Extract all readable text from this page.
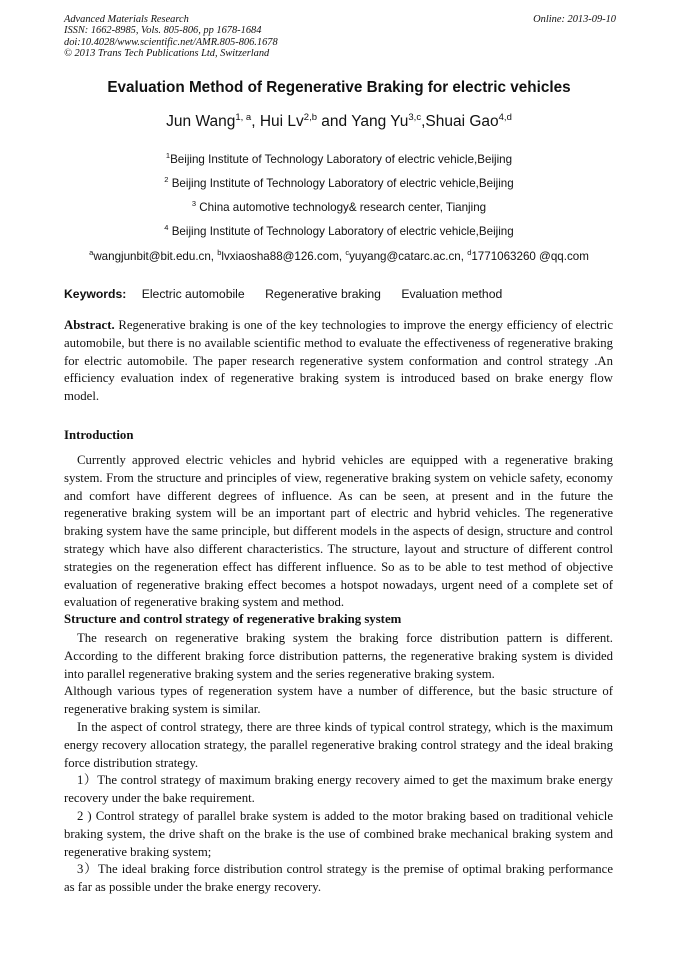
Advanced Materials Research
ISSN: 1662-8985, Vols. 805-806, pp 1678-1684
doi:10.4028/www.scientific.net/AMR.805-806.1678
© 2013 Trans Tech Publications Ltd, Switzerland
Online: 2013-09-10
Evaluation Method of Regenerative Braking for electric vehicles
Jun Wang$^{1, a}$, Hui Lv$^{2,b}$ and Yang Yu$^{3,c}$,Shuai Gao$^{4,d}$
$^1$Beijing Institute of Technology Laboratory of electric vehicle,Beijing
$^2$ Beijing Institute of Technology Laboratory of electric vehicle,Beijing
$^3$ China automotive technology& research center, Tianjing
$^4$ Beijing Institute of Technology Laboratory of electric vehicle,Beijing
$^a$wangjunbit@bit.edu.cn, $^b$lvxiaosha88@126.com, $^c$yuyang@catarc.ac.cn, $^d$1771063260 @qq.com
Keywords: Electric automobile Regenerative braking Evaluation method

Abstract. Regenerative braking is one of the key technologies to improve the energy efficiency of electric automobile, but there is no available scientific method to evaluate the effectiveness of regenerative braking for electric automobile. The paper research regenerative system conformation and control strategy .An efficiency evaluation index of regenerative braking system is introduced based on brake energy flow model.

Introduction

Currently approved electric vehicles and hybrid vehicles are equipped with a regenerative braking system. From the structure and principles of view, regenerative braking system on vehicle safety, economy and comfort have different degrees of influence. As can be seen, at present and in the future the regenerative braking system will be an important part of electric and hybrid vehicles. The regenerative braking system have the same principle, but different models in the aspects of design, structure and control strategy which have also different characteristics. The structure, layout and structure of different control strategies on the regeneration effect has different influence. So as to be able to test method of objective evaluation of regenerative braking effect becomes a hotspot nowadays, urgent need of a complete set of evaluation of regenerative braking system and method.

Structure and control strategy of regenerative braking system

The research on regenerative braking system the braking force distribution pattern is different. According to the different braking force distribution patterns, the regenerative braking system is divided into parallel regenerative braking system and the series regenerative braking system.

Although various types of regeneration system have a number of difference, but the basic structure of regenerative braking system is similar.

In the aspect of control strategy, there are three kinds of typical control strategy, which is the maximum energy recovery allocation strategy, the parallel regenerative braking control strategy and the ideal braking force distribution strategy.

1）The control strategy of maximum braking energy recovery aimed to get the maximum brake energy recovery under the bake requirement.

2 ) Control strategy of parallel brake system is added to the motor braking based on traditional vehicle braking system, the drive shaft on the brake is the use of combined brake mechanical braking system and regenerative braking system;

3）The ideal braking force distribution control strategy is the premise of optimal braking performance as far as possible under the brake energy recovery.
